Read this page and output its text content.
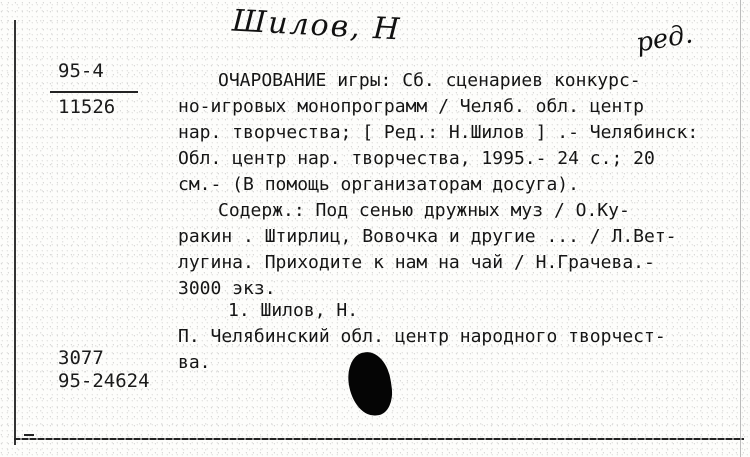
Шилов, Н	ред.
95-4
11526
3077
95-24624
ОЧАРОВАНИЕ игры: Сб. сценариев конкурс-
но-игровых монопрограмм / Челяб. обл. центр
нар. творчества; [ Ред.: Н.Шилов ] .- Челябинск:
Обл. центр нар. творчества, 1995.- 24 с.; 20
см.- (В помощь организаторам досуга).
Содерж.: Под сенью дружных муз / О.Ку-
ракин . Штирлиц, Вовочка и другие ... / Л.Вет-
лугина. Приходите к нам на чай / Н.Грачева.-
3000 экз.
1. Шилов, Н.
П. Челябинский обл. центр народного творчест-
ва.
